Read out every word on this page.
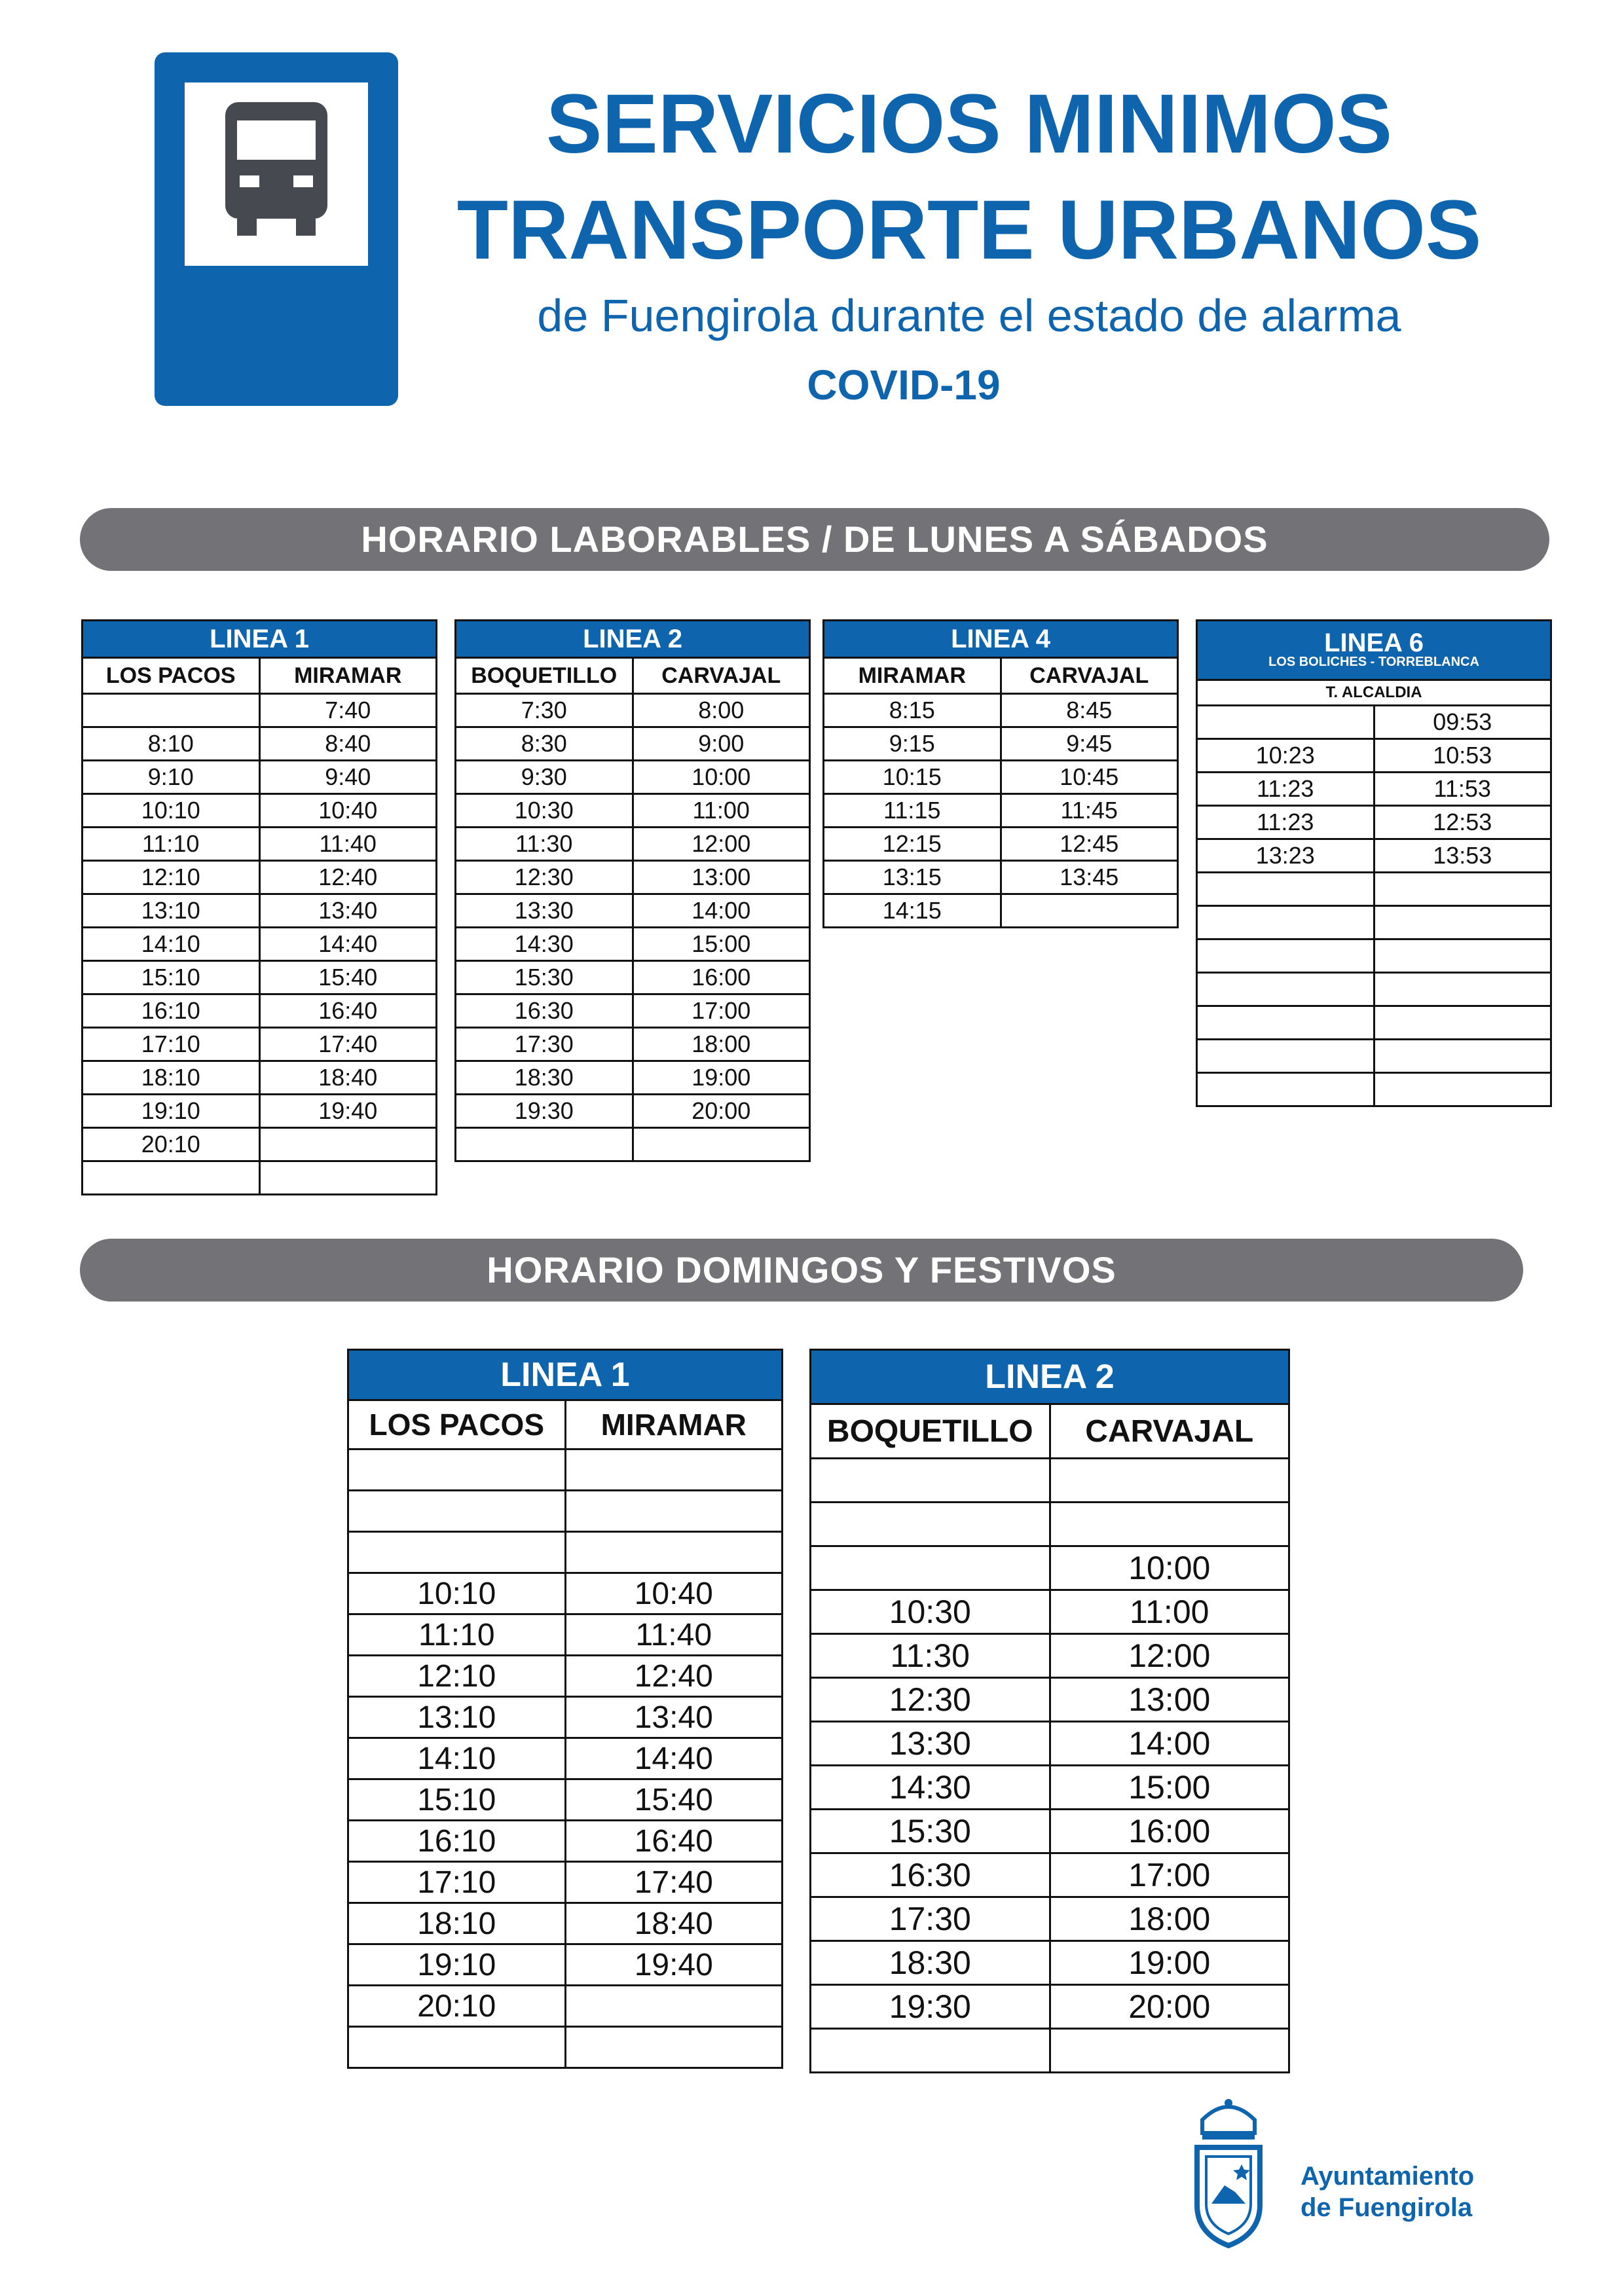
SERVICIOS MINIMOS
TRANSPORTE URBANOS
de Fuengirola durante el estado de alarma
COVID-19
HORARIO LABORABLES / DE LUNES A SÁBADOS
LINEA 1	
LOS PACOS	MIRAMAR
	7:40
8:10	8:40
9:10	9:40
10:10	10:40
11:10	11:40
12:10	12:40
13:10	13:40
14:10	14:40
15:10	15:40
16:10	16:40
17:10	17:40
18:10	18:40
19:10	19:40
20:10	

LINEA 2	
BOQUETILLO	CARVAJAL
7:30	8:00
8:30	9:00
9:30	10:00
10:30	11:00
11:30	12:00
12:30	13:00
13:30	14:00
14:30	15:00
15:30	16:00
16:30	17:00
17:30	18:00
18:30	19:00
19:30	20:00

LINEA 4	
MIRAMAR	CARVAJAL
8:15	8:45
9:15	9:45
10:15	10:45
11:15	11:45
12:15	12:45
13:15	13:45
14:15	
LINEA 6
LOS BOLICHES - TORREBLANCA	

T. ALCALDIA	
	09:53
10:23	10:53
11:23	11:53
11:23	12:53
13:23	13:53

HORARIO DOMINGOS Y FESTIVOS
LINEA 1	
LOS PACOS	MIRAMAR

10:10	10:40
11:10	11:40
12:10	12:40
13:10	13:40
14:10	14:40
15:10	15:40
16:10	16:40
17:10	17:40
18:10	18:40
19:10	19:40
20:10	

LINEA 2	
BOQUETILLO	CARVAJAL

	10:00
10:30	11:00
11:30	12:00
12:30	13:00
13:30	14:00
14:30	15:00
15:30	16:00
16:30	17:00
17:30	18:00
18:30	19:00
19:30	20:00

Ayuntamiento
de Fuengirola
